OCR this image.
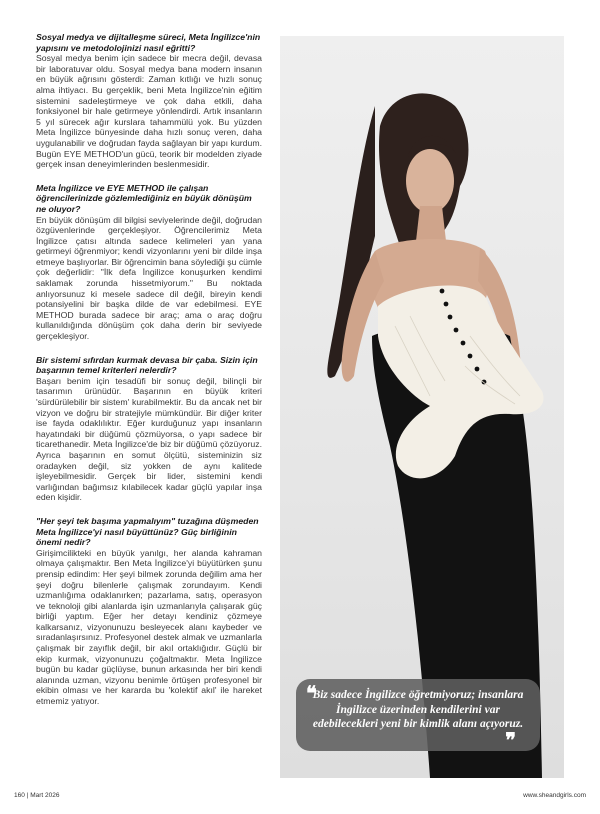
Sosyal medya ve dijitalleşme süreci, Meta İngilizce'nin yapısını ve metodolojinizi nasıl eğritti?

Sosyal medya benim için sadece bir mecra değil, devasa bir laboratuvar oldu. Sosyal medya bana modern insanın en büyük ağrısını gösterdi: Zaman kıtlığı ve hızlı sonuç alma ihtiyacı. Bu gerçeklik, beni Meta İngilizce'nin eğitim sistemini sadeleştirmeye ve çok daha etkili, daha fonksiyonel bir hale getirmeye yönlendirdi. Artık insanların 5 yıl sürecek ağır kurslara tahammülü yok. Bu yüzden Meta İngilizce bünyesinde daha hızlı sonuç veren, daha uygulanabilir ve doğrudan fayda sağlayan bir yapı kurdum. Bugün EYE METHOD'un gücü, teorik bir modelden ziyade gerçek insan deneyimlerinden beslenmesidir.

Meta İngilizce ve EYE METHOD ile çalışan öğrencilerinizde gözlemlediğiniz en büyük dönüşüm ne oluyor?

En büyük dönüşüm dil bilgisi seviyelerinde değil, doğrudan özgüvenlerinde gerçekleşiyor. Öğrencilerimiz Meta İngilizce çatısı altında sadece kelimeleri yan yana getirmeyi öğrenmiyor; kendi vizyonlarını yeni bir dilde inşa etmeye başlıyorlar. Bir öğrencimin bana söylediği şu cümle çok değerlidir: "İlk defa İngilizce konuşurken kendimi saklamak zorunda hissetmiyorum." Bu noktada anlıyorsunuz ki mesele sadece dil değil, bireyin kendi potansiyelini bir başka dilde de var edebilmesi. EYE METHOD burada sadece bir araç; ama o araç doğru kullanıldığında dönüşüm çok daha derin bir seviyede gerçekleşiyor.

Bir sistemi sıfırdan kurmak devasa bir çaba. Sizin için başarının temel kriterleri nelerdir?

Başarı benim için tesadüfi bir sonuç değil, bilinçli bir tasarımın ürünüdür. Başarının en büyük kriteri 'sürdürülebilir bir sistem' kurabilmektir. Bu da ancak net bir vizyon ve doğru bir stratejiyle mümkündür. Bir diğer kriter ise fayda odaklılıktır. Eğer kurduğunuz yapı insanların hayatındaki bir düğümü çözmüyorsa, o yapı sadece bir ticarethanedir. Meta İngilizce'de biz bir düğümü çözüyoruz. Ayrıca başarının en somut ölçütü, sisteminizin siz oradayken değil, siz yokken de aynı kalitede işleyebilmesidir. Gerçek bir lider, sistemini kendi varlığından bağımsız kılabilecek kadar güçlü yapılar inşa eden kişidir.

"Her şeyi tek başıma yapmalıyım" tuzağına düşmeden Meta İngilizce'yi nasıl büyüttünüz? Güç birliğinin önemi nedir?

Girişimcilikteki en büyük yanılgı, her alanda kahraman olmaya çalışmaktır. Ben Meta İngilizce'yi büyütürken şunu prensip edindim: Her şeyi bilmek zorunda değilim ama her şeyi doğru bilenlerle çalışmak zorundayım. Kendi uzmanlığıma odaklanırken; pazarlama, satış, operasyon ve teknoloji gibi alanlarda işin uzmanlarıyla çalışarak güç birliği yaptım. Eğer her detayı kendiniz çözmeye kalkarsanız, vizyonunuzu besleyecek alanı kaybeder ve sıradanlaşırsınız. Profesyonel destek almak ve uzmanlarla çalışmak bir zayıflık değil, bir akıl ortaklığıdır. Güçlü bir ekip kurmak, vizyonunuzu çoğaltmaktır. Meta İngilizce bugün bu kadar güçlüyse, bunun arkasında her biri kendi alanında uzman, vizyonu benimle örtüşen profesyonel bir ekibin olması ve her kararda bu 'kolektif akıl' ile hareket etmemiz yatıyor.	❝

Biz sadece İngilizce öğretmiyoruz; insanlara İngilizce üzerinden kendilerini var edebilecekleri yeni bir kimlik alanı açıyoruz.

❞
160 | Mart 2026	www.sheandgirls.com
